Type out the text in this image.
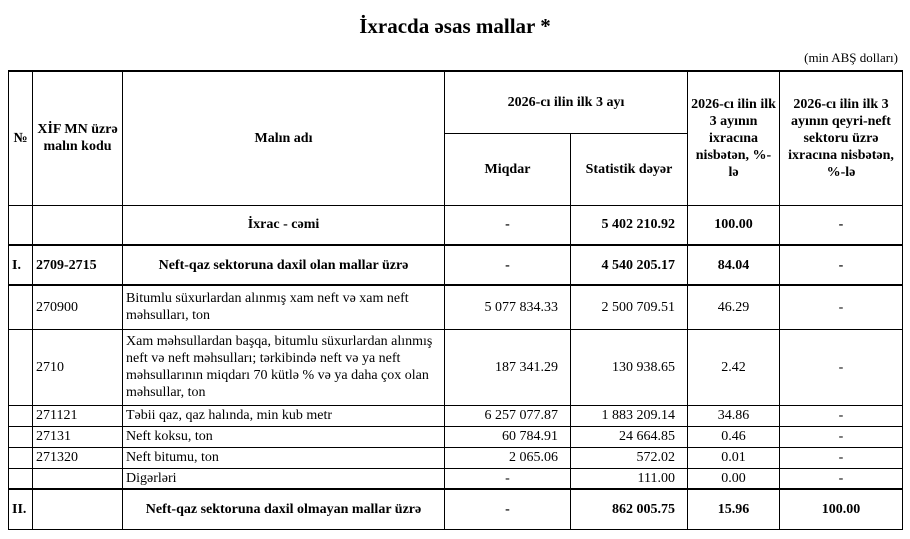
İxracda əsas mallar *
(min ABŞ dolları)
№	XİF MN üzrə malın kodu	Malın adı	2026-cı ilin ilk 3 ayı		2026-cı ilin ilk 3 ayının ixracına nisbətən, %-lə	2026-cı ilin ilk 3 ayının qeyri-neft sektoru üzrə ixracına nisbətən, %-lə
			Miqdar	Statistik dəyər		
		İxrac - cəmi	-	5 402 210.92	100.00	-
I.	2709-2715	Neft-qaz sektoruna daxil olan mallar üzrə	-	4 540 205.17	84.04	-
	270900	Bitumlu süxurlardan alınmış xam neft və xam neft məhsulları, ton	5 077 834.33	2 500 709.51	46.29	-
	2710	Xam məhsullardan başqa, bitumlu süxurlardan alınmış neft və neft məhsulları; tərkibində neft və ya neft məhsullarının miqdarı 70 kütlə % və ya daha çox olan məhsullar, ton	187 341.29	130 938.65	2.42	-
	271121	Təbii qaz, qaz halında, min kub metr	6 257 077.87	1 883 209.14	34.86	-
	27131	Neft koksu, ton	60 784.91	24 664.85	0.46	-
	271320	Neft bitumu, ton	2 065.06	572.02	0.01	-
		Digərləri	-	111.00	0.00	-
II.		Neft-qaz sektoruna daxil olmayan mallar üzrə	-	862 005.75	15.96	100.00
